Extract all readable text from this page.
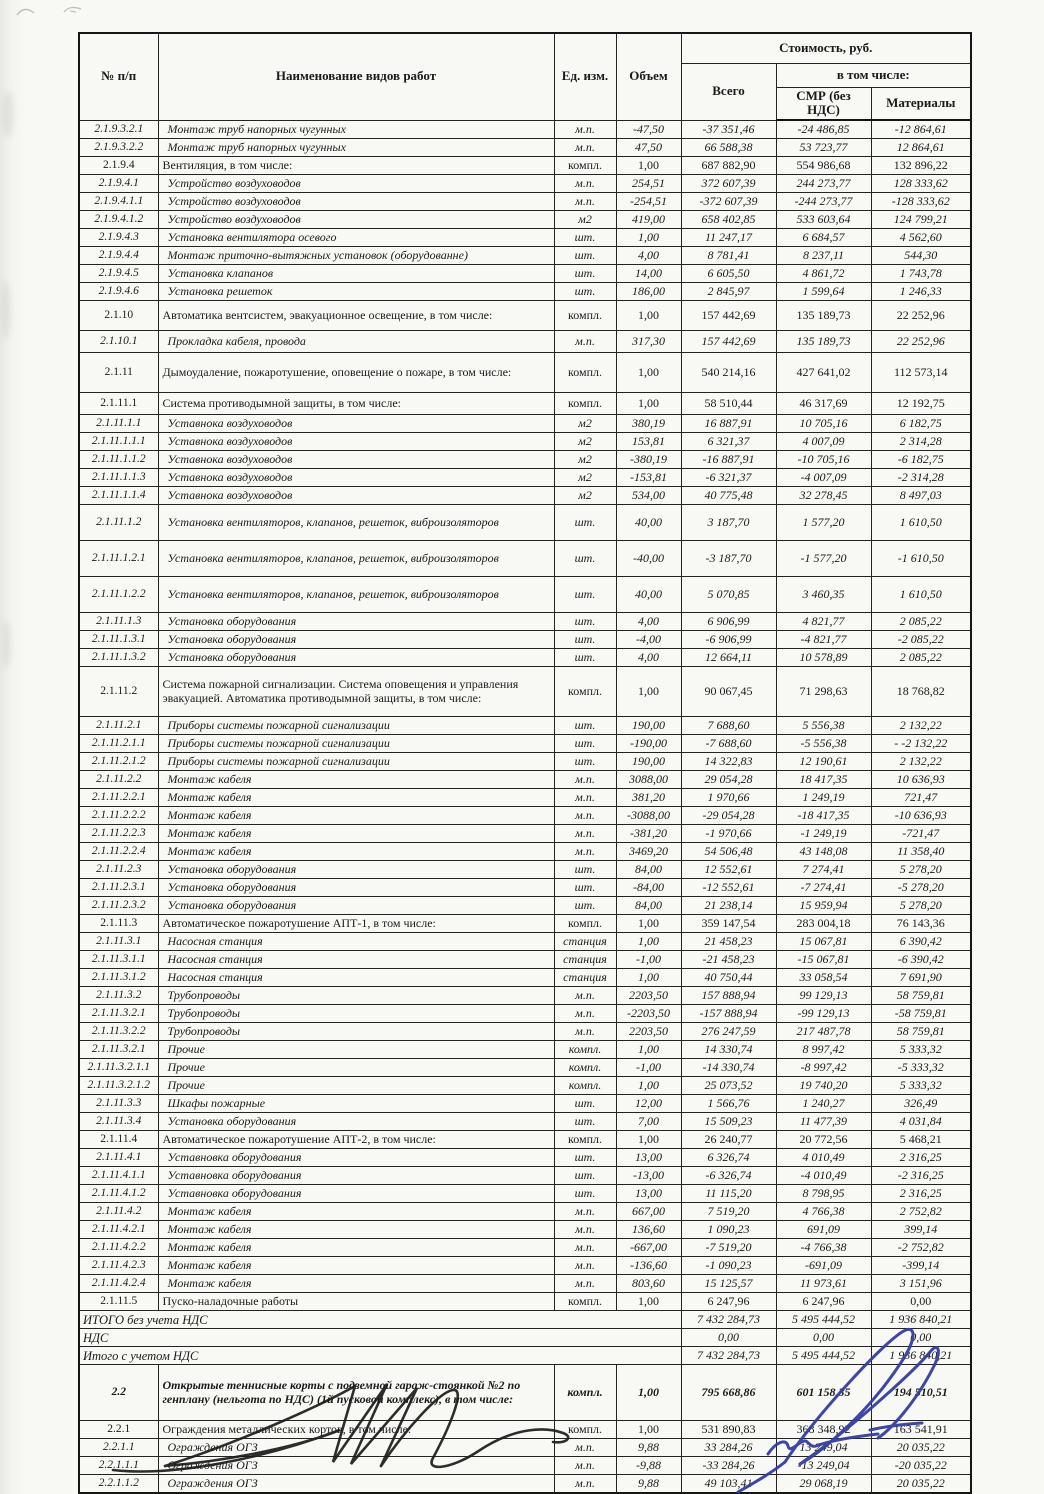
№ п/п	Наименование видов работ	Ед. изм.	Объем	Стоимость, руб.		
				Всего	в том числе:	
					СМР (без НДС)	Материалы
2.1.9.3.2.1	Монтаж труб напорных чугунных	м.п.	-47,50	-37 351,46	-24 486,85	-12 864,61
2.1.9.3.2.2	Монтаж труб напорных чугунных	м.п.	47,50	66 588,38	53 723,77	12 864,61
2.1.9.4	Вентиляция, в том числе:	компл.	1,00	687 882,90	554 986,68	132 896,22
2.1.9.4.1	Устройство воздуховодов	м.п.	254,51	372 607,39	244 273,77	128 333,62
2.1.9.4.1.1	Устройство воздуховодов	м.п.	-254,51	-372 607,39	-244 273,77	-128 333,62
2.1.9.4.1.2	Устройство воздуховодов	м2	419,00	658 402,85	533 603,64	124 799,21
2.1.9.4.3	Установка вентилятора осевого	шт.	1,00	11 247,17	6 684,57	4 562,60
2.1.9.4.4	Монтаж приточно-вытяжных установок (оборудованне)	шт.	4,00	8 781,41	8 237,11	544,30
2.1.9.4.5	Установка клапанов	шт.	14,00	6 605,50	4 861,72	1 743,78
2.1.9.4.6	Установка решеток	шт.	186,00	2 845,97	1 599,64	1 246,33
2.1.10	Автоматика вентсистем, эвакуационное освещение, в том числе:	компл.	1,00	157 442,69	135 189,73	22 252,96
2.1.10.1	Прокладка кабеля, провода	м.п.	317,30	157 442,69	135 189,73	22 252,96
2.1.11	Дымоудаление, пожаротушение, оповещение о пожаре, в том числе:	компл.	1,00	540 214,16	427 641,02	112 573,14
2.1.11.1	Система противодымной защиты, в том числе:	компл.	1,00	58 510,44	46 317,69	12 192,75
2.1.11.1.1	Уставнока воздуховодов	м2	380,19	16 887,91	10 705,16	6 182,75
2.1.11.1.1.1	Уставнока воздуховодов	м2	153,81	6 321,37	4 007,09	2 314,28
2.1.11.1.1.2	Уставнока воздуховодов	м2	-380,19	-16 887,91	-10 705,16	-6 182,75
2.1.11.1.1.3	Уставнока воздуховодов	м2	-153,81	-6 321,37	-4 007,09	-2 314,28
2.1.11.1.1.4	Уставнока воздуховодов	м2	534,00	40 775,48	32 278,45	8 497,03
2.1.11.1.2	Установка вентиляторов, клапанов, решеток, виброизоляторов	шт.	40,00	3 187,70	1 577,20	1 610,50
2.1.11.1.2.1	Установка вентиляторов, клапанов, решеток, виброизоляторов	шт.	-40,00	-3 187,70	-1 577,20	-1 610,50
2.1.11.1.2.2	Установка вентиляторов, клапанов, решеток, виброизоляторов	шт.	40,00	5 070,85	3 460,35	1 610,50
2.1.11.1.3	Установка оборудования	шт.	4,00	6 906,99	4 821,77	2 085,22
2.1.11.1.3.1	Установка оборудования	шт.	-4,00	-6 906,99	-4 821,77	-2 085,22
2.1.11.1.3.2	Установка оборудования	шт.	4,00	12 664,11	10 578,89	2 085,22
2.1.11.2	Система пожарной сигнализации. Система оповещения и управления эвакуацией. Автоматика противодымной защиты, в том числе:	компл.	1,00	90 067,45	71 298,63	18 768,82
2.1.11.2.1	Приборы системы пожарной сигнализации	шт.	190,00	7 688,60	5 556,38	2 132,22
2.1.11.2.1.1	Приборы системы пожарной сигнализации	шт.	-190,00	-7 688,60	-5 556,38	- -2 132,22
2.1.11.2.1.2	Приборы системы пожарной сигнализации	шт.	190,00	14 322,83	12 190,61	2 132,22
2.1.11.2.2	Монтаж кабеля	м.п.	3088,00	29 054,28	18 417,35	10 636,93
2.1.11.2.2.1	Монтаж кабеля	м.п.	381,20	1 970,66	1 249,19	721,47
2.1.11.2.2.2	Монтаж кабеля	м.п.	-3088,00	-29 054,28	-18 417,35	-10 636,93
2.1.11.2.2.3	Монтаж кабеля	м.п.	-381,20	-1 970,66	-1 249,19	-721,47
2.1.11.2.2.4	Монтаж кабеля	м.п.	3469,20	54 506,48	43 148,08	11 358,40
2.1.11.2.3	Установка оборудования	шт.	84,00	12 552,61	7 274,41	5 278,20
2.1.11.2.3.1	Установка оборудования	шт.	-84,00	-12 552,61	-7 274,41	-5 278,20
2.1.11.2.3.2	Установка оборудования	шт.	84,00	21 238,14	15 959,94	5 278,20
2.1.11.3	Автоматическое пожаротушение АПТ-1, в том числе:	компл.	1,00	359 147,54	283 004,18	76 143,36
2.1.11.3.1	Насосная станция	станция	1,00	21 458,23	15 067,81	6 390,42
2.1.11.3.1.1	Насосная станция	станция	-1,00	-21 458,23	-15 067,81	-6 390,42
2.1.11.3.1.2	Насосная станция	станция	1,00	40 750,44	33 058,54	7 691,90
2.1.11.3.2	Трубопроводы	м.п.	2203,50	157 888,94	99 129,13	58 759,81
2.1.11.3.2.1	Трубопроводы	м.п.	-2203,50	-157 888,94	-99 129,13	-58 759,81
2.1.11.3.2.2	Трубопроводы	м.п.	2203,50	276 247,59	217 487,78	58 759,81
2.1.11.3.2.1	Прочие	компл.	1,00	14 330,74	8 997,42	5 333,32
2.1.11.3.2.1.1	Прочие	компл.	-1,00	-14 330,74	-8 997,42	-5 333,32
2.1.11.3.2.1.2	Прочие	компл.	1,00	25 073,52	19 740,20	5 333,32
2.1.11.3.3	Шкафы пожарные	шт.	12,00	1 566,76	1 240,27	326,49
2.1.11.3.4	Установка оборудования	шт.	7,00	15 509,23	11 477,39	4 031,84
2.1.11.4	Автоматическое пожаротушение АПТ-2, в том числе:	компл.	1,00	26 240,77	20 772,56	5 468,21
2.1.11.4.1	Уставновка оборудования	шт.	13,00	6 326,74	4 010,49	2 316,25
2.1.11.4.1.1	Уставновка оборудования	шт.	-13,00	-6 326,74	-4 010,49	-2 316,25
2.1.11.4.1.2	Уставновка оборудования	шт.	13,00	11 115,20	8 798,95	2 316,25
2.1.11.4.2	Монтаж кабеля	м.п.	667,00	7 519,20	4 766,38	2 752,82
2.1.11.4.2.1	Монтаж кабеля	м.п.	136,60	1 090,23	691,09	399,14
2.1.11.4.2.2	Монтаж кабеля	м.п.	-667,00	-7 519,20	-4 766,38	-2 752,82
2.1.11.4.2.3	Монтаж кабеля	м.п.	-136,60	-1 090,23	-691,09	-399,14
2.1.11.4.2.4	Монтаж кабеля	м.п.	803,60	15 125,57	11 973,61	3 151,96
2.1.11.5	Пуско-наладочные работы	компл.	1,00	6 247,96	6 247,96	0,00
ИТОГО без учета НДС				7 432 284,73	5 495 444,52	1 936 840,21
НДС				0,00	0,00	0,00
Итого с учетом НДС				7 432 284,73	5 495 444,52	1 936 840,21
2.2	Открытые теннисные корты с подземной гараж-стоянкой №2 по генплану (нельгота по НДС) (1й пусковой комплекс), в том числе:	компл.	1,00	795 668,86	601 158,35	194 510,51
2.2.1	Ограждения металлических кортов, в том числе:	компл.	1,00	531 890,83	368 348,92	163 541,91
2.2.1.1	Ограждения ОГЗ	м.п.	9,88	33 284,26	13 249,04	20 035,22
2.2.1.1.1	Ограждения ОГЗ	м.п.	-9,88	-33 284,26	-13 249,04	-20 035,22
2.2.1.1.2	Ограждения ОГЗ	м.п.	9,88	49 103,41	29 068,19	20 035,22
